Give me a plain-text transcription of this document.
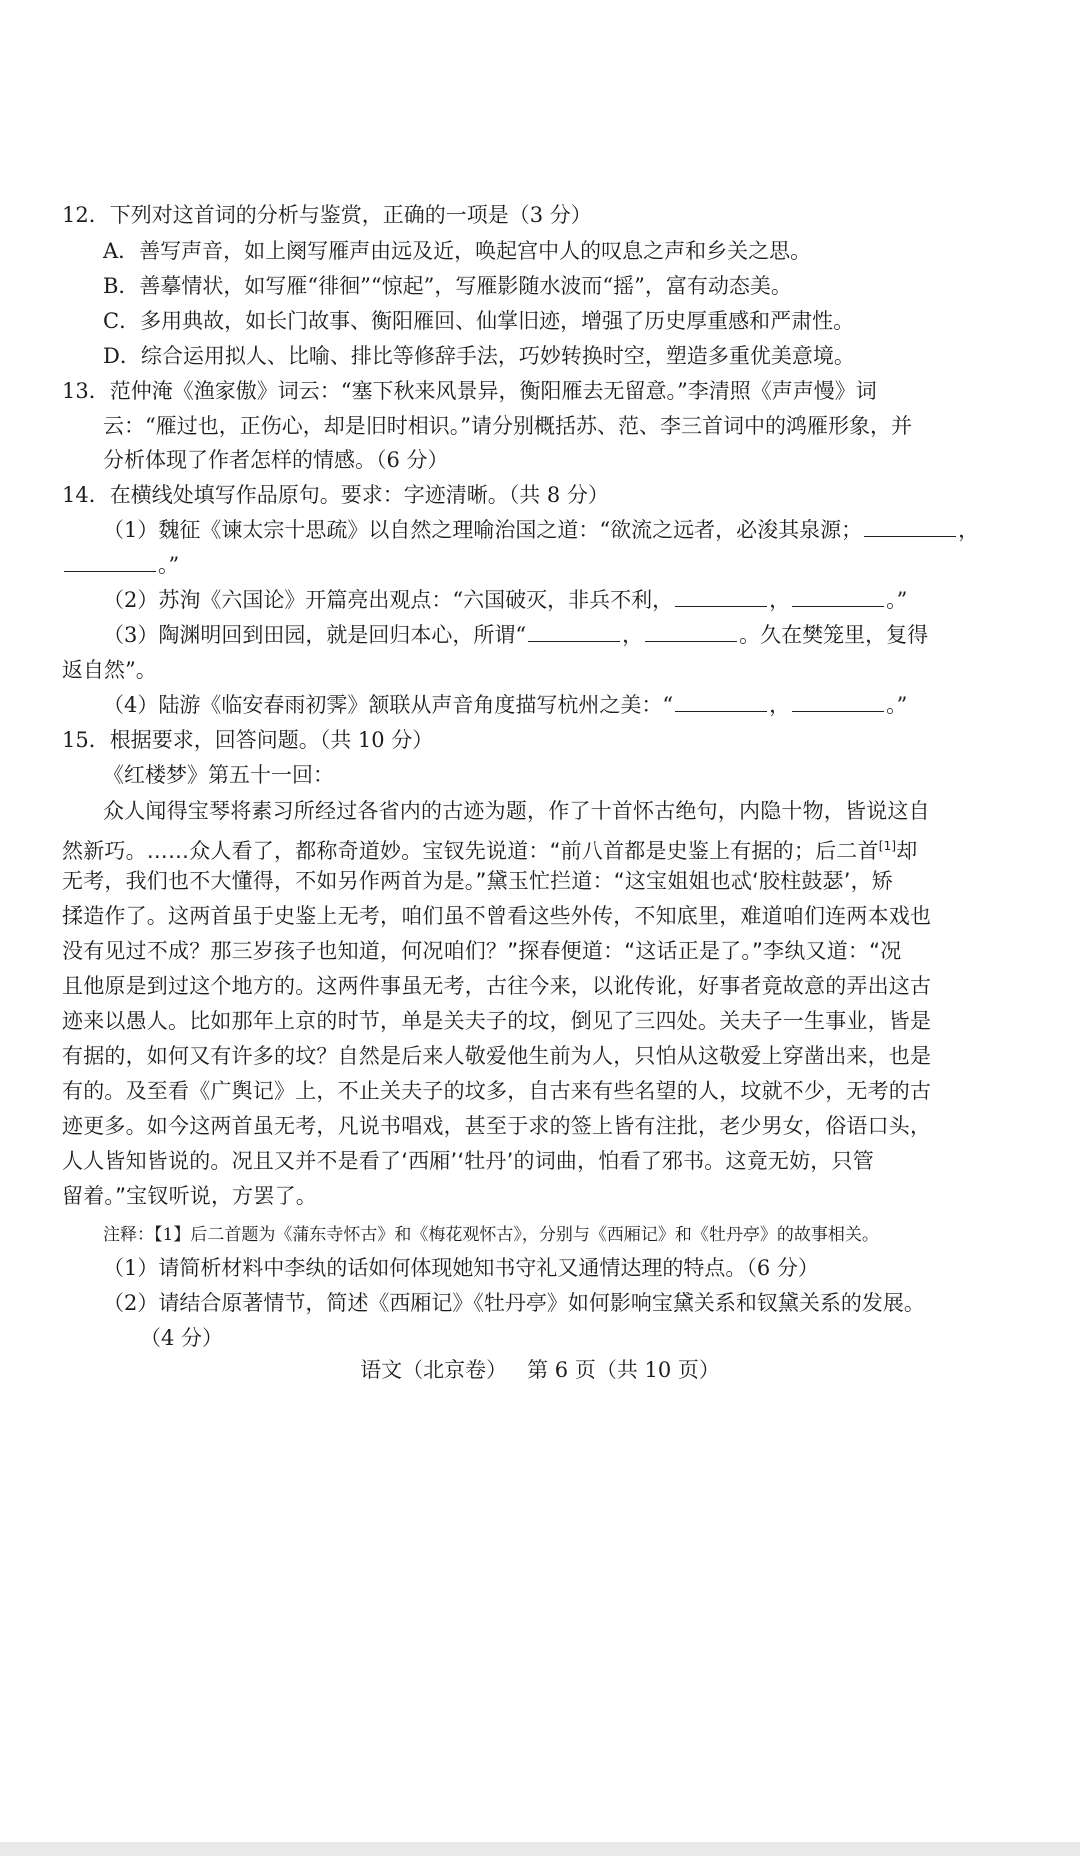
12．下列对这首词的分析与鉴赏，正确的一项是（3 分）
A．善写声音，如上阕写雁声由远及近，唤起宫中人的叹息之声和乡关之思。
B．善摹情状，如写雁“徘徊”“惊起”，写雁影随水波而“摇”，富有动态美。
C．多用典故，如长门故事、衡阳雁回、仙掌旧迹，增强了历史厚重感和严肃性。
D．综合运用拟人、比喻、排比等修辞手法，巧妙转换时空，塑造多重优美意境。
13．范仲淹《渔家傲》词云：“塞下秋来风景异，衡阳雁去无留意。”李清照《声声慢》词
云：“雁过也，正伤心，却是旧时相识。”请分别概括苏、范、李三首词中的鸿雁形象，并
分析体现了作者怎样的情感。（6 分）
14．在横线处填写作品原句。要求：字迹清晰。（共 8 分）
（1）魏征《谏太宗十思疏》以自然之理喻治国之道：“欲流之远者，必浚其泉源；	，
。”
（2）苏洵《六国论》开篇亮出观点：“六国破灭，非兵不利，	，	。”
（3）陶渊明回到田园，就是回归本心，所谓“	，	。久在樊笼里，复得
返自然”。
（4）陆游《临安春雨初霁》颔联从声音角度描写杭州之美：“	，	。”
15．根据要求，回答问题。（共 10 分）
《红楼梦》第五十一回：
众人闻得宝琴将素习所经过各省内的古迹为题，作了十首怀古绝句，内隐十物，皆说这自
然新巧。……众人看了，都称奇道妙。宝钗先说道：“前八首都是史鉴上有据的；后二首[1]却
无考，我们也不大懂得，不如另作两首为是。”黛玉忙拦道：“这宝姐姐也忒‘胶柱鼓瑟’，矫
揉造作了。这两首虽于史鉴上无考，咱们虽不曾看这些外传，不知底里，难道咱们连两本戏也
没有见过不成？那三岁孩子也知道，何况咱们？”探春便道：“这话正是了。”李纨又道：“况
且他原是到过这个地方的。这两件事虽无考，古往今来，以讹传讹，好事者竟故意的弄出这古
迹来以愚人。比如那年上京的时节，单是关夫子的坟，倒见了三四处。关夫子一生事业，皆是
有据的，如何又有许多的坟？自然是后来人敬爱他生前为人，只怕从这敬爱上穿凿出来，也是
有的。及至看《广舆记》上，不止关夫子的坟多，自古来有些名望的人，坟就不少，无考的古
迹更多。如今这两首虽无考，凡说书唱戏，甚至于求的签上皆有注批，老少男女，俗语口头，
人人皆知皆说的。况且又并不是看了‘西厢’‘牡丹’的词曲，怕看了邪书。这竟无妨，只管
留着。”宝钗听说，方罢了。
注释：【1】后二首题为《蒲东寺怀古》和《梅花观怀古》，分别与《西厢记》和《牡丹亭》的故事相关。
（1）请简析材料中李纨的话如何体现她知书守礼又通情达理的特点。（6 分）
（2）请结合原著情节，简述《西厢记》《牡丹亭》如何影响宝黛关系和钗黛关系的发展。
（4 分）
语文（北京卷）   第 6 页（共 10 页）
